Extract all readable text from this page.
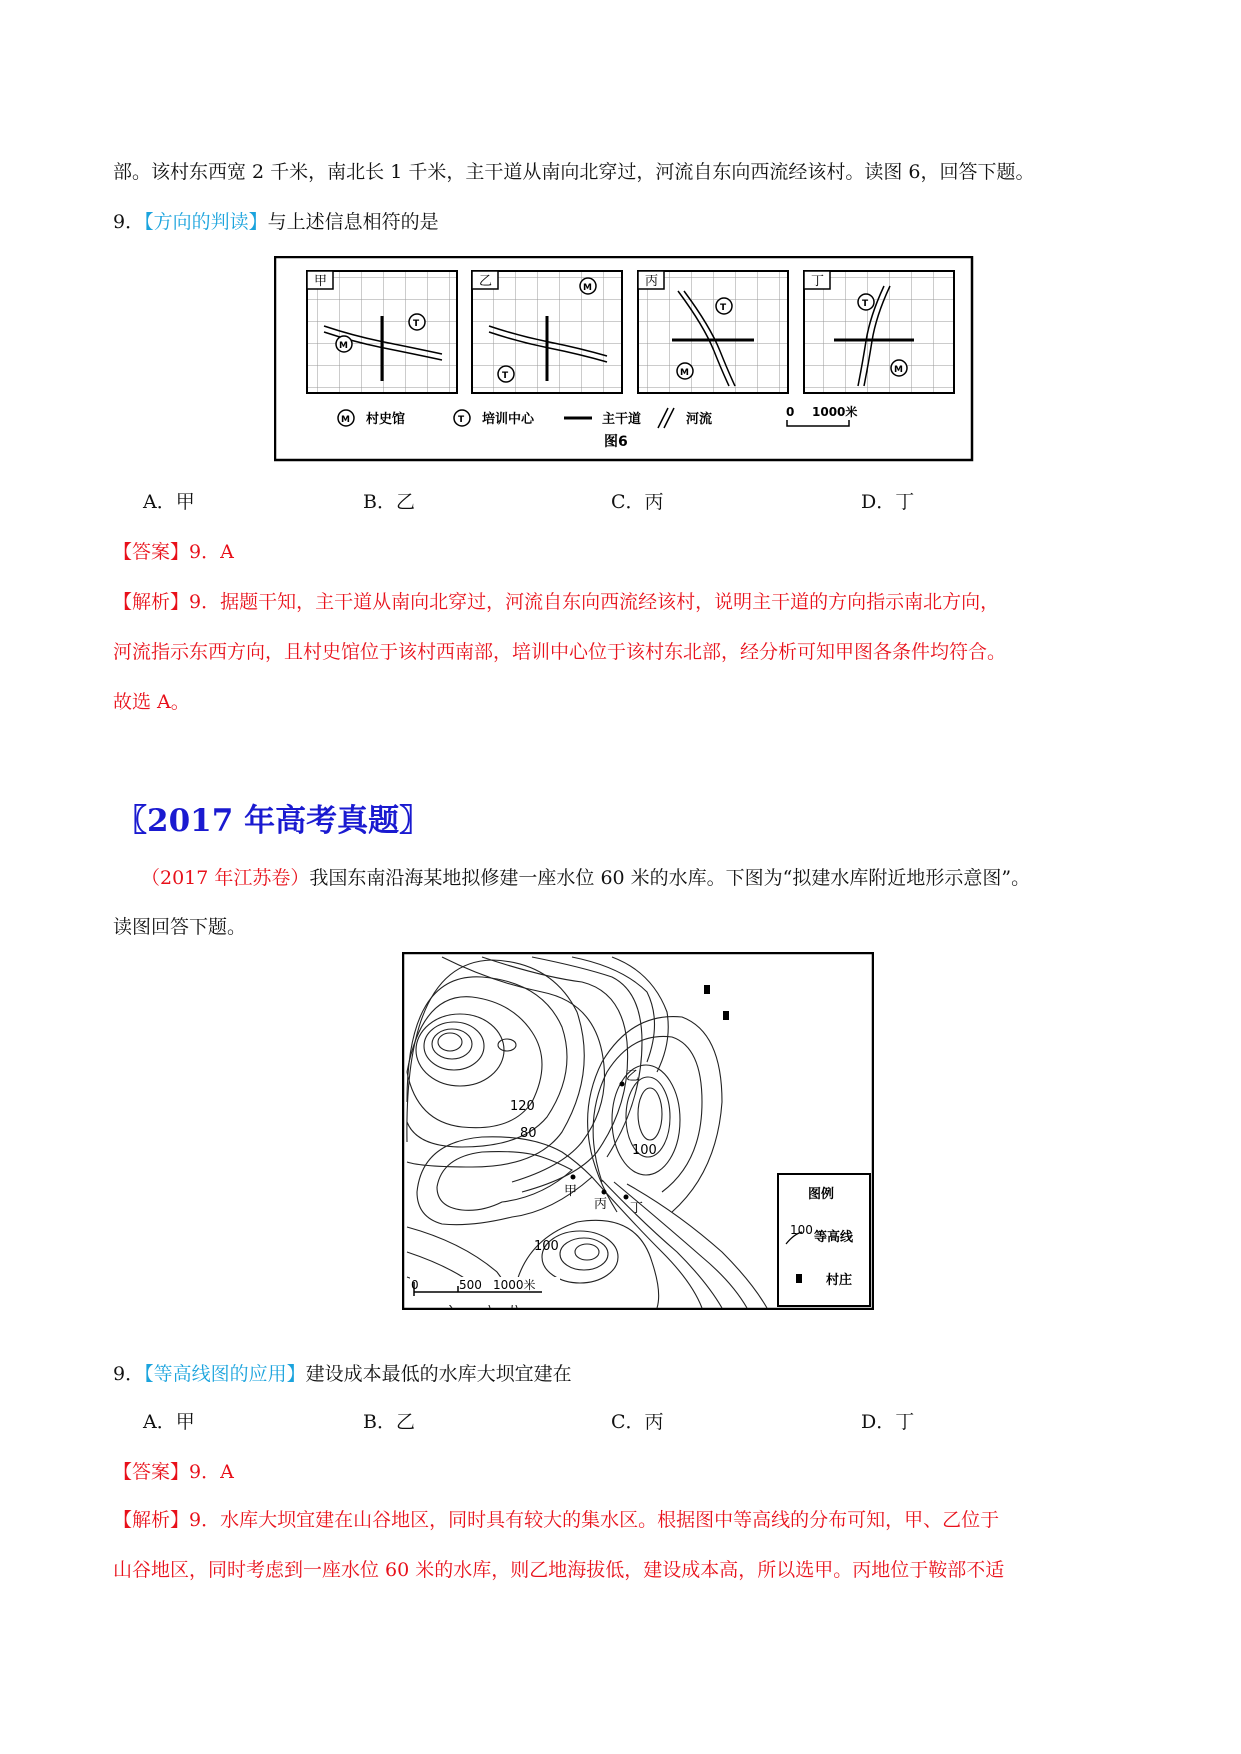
部。该村东西宽 2 千米，南北长 1 千米，主干道从南向北穿过，河流自东向西流经该村。读图 6，回答下题。
9．【方向的判读】与上述信息相符的是
甲
M
T
乙	M
T
丙
T
M
丁
T
M
M 村史馆	T 培训中心	主干道	河流	0 1000米
图6
A．甲	B．乙	C．丙	D．丁
【答案】9．A
【解析】9．据题干知，主干道从南向北穿过，河流自东向西流经该村，说明主干道的方向指示南北方向，
河流指示东西方向，且村史馆位于该村西南部，培训中心位于该村东北部，经分析可知甲图各条件均符合。
故选 A。
〖2017 年高考真题〗
（2017 年江苏卷）我国东南沿海某地拟修建一座水位 60 米的水库。下图为“拟建水库附近地形示意图”。
读图回答下题。
120
80
100
100
甲
乙
丙 丁
0	500 1000米
图例
100 等高线
村庄
9．【等高线图的应用】建设成本最低的水库大坝宜建在
A．甲	B．乙	C．丙	D．丁
【答案】9．A
【解析】9．水库大坝宜建在山谷地区，同时具有较大的集水区。根据图中等高线的分布可知，甲、乙位于
山谷地区，同时考虑到一座水位 60 米的水库，则乙地海拔低，建设成本高，所以选甲。丙地位于鞍部不适
